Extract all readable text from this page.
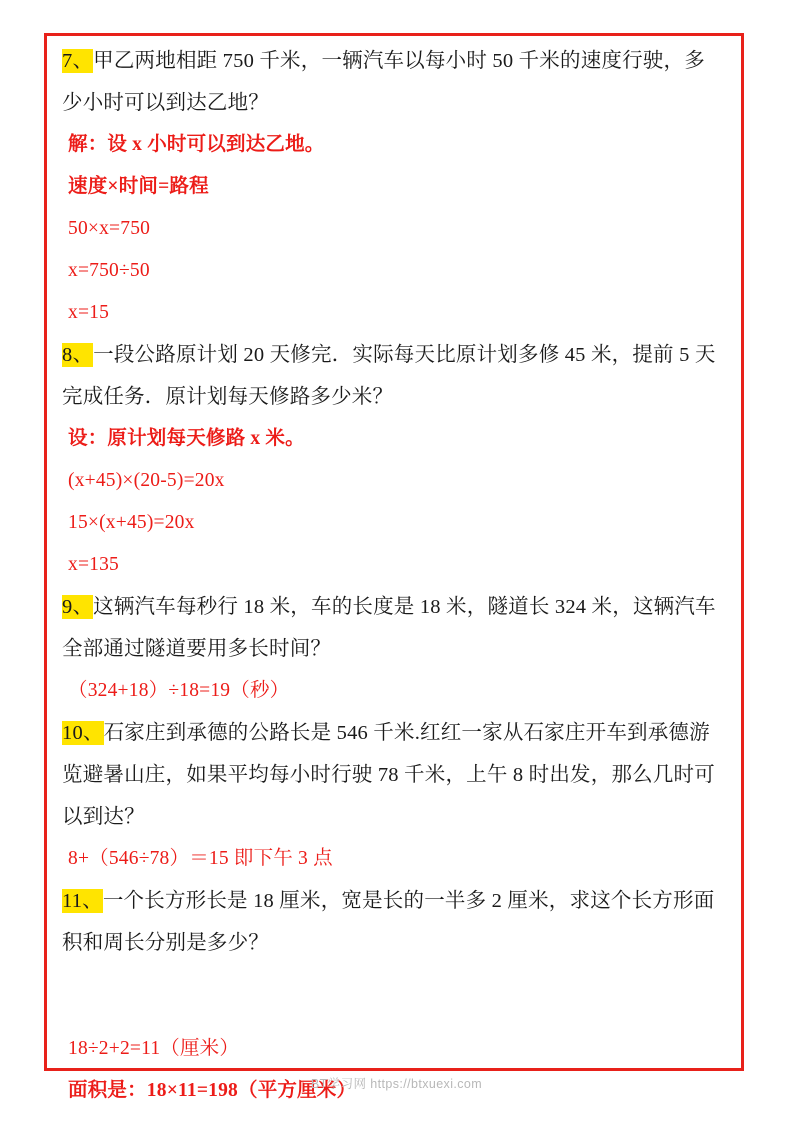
7、甲乙两地相距 750 千米，一辆汽车以每小时 50 千米的速度行驶，多少小时可以到达乙地？
解：设 x 小时可以到达乙地。
速度×时间=路程
50×x=750
x=750÷50
x=15
8、一段公路原计划 20 天修完．实际每天比原计划多修 45 米，提前 5 天完成任务．原计划每天修路多少米？
设：原计划每天修路 x 米。
(x+45)×(20-5)=20x
15×(x+45)=20x
x=135
9、这辆汽车每秒行 18 米，车的长度是 18 米，隧道长 324 米，这辆汽车全部通过隧道要用多长时间？
（324+18）÷18=19（秒）
10、石家庄到承德的公路长是 546 千米.红红一家从石家庄开车到承德游览避暑山庄，如果平均每小时行驶 78 千米，上午 8 时出发，那么几时可以到达？
8+（546÷78）＝15 即下午 3 点
11、一个长方形长是 18 厘米，宽是长的一半多 2 厘米，求这个长方形面积和周长分别是多少？
18÷2+2=11（厘米）
面积是：18×11=198（平方厘米）
BT学习网 https://btxuexi.com
